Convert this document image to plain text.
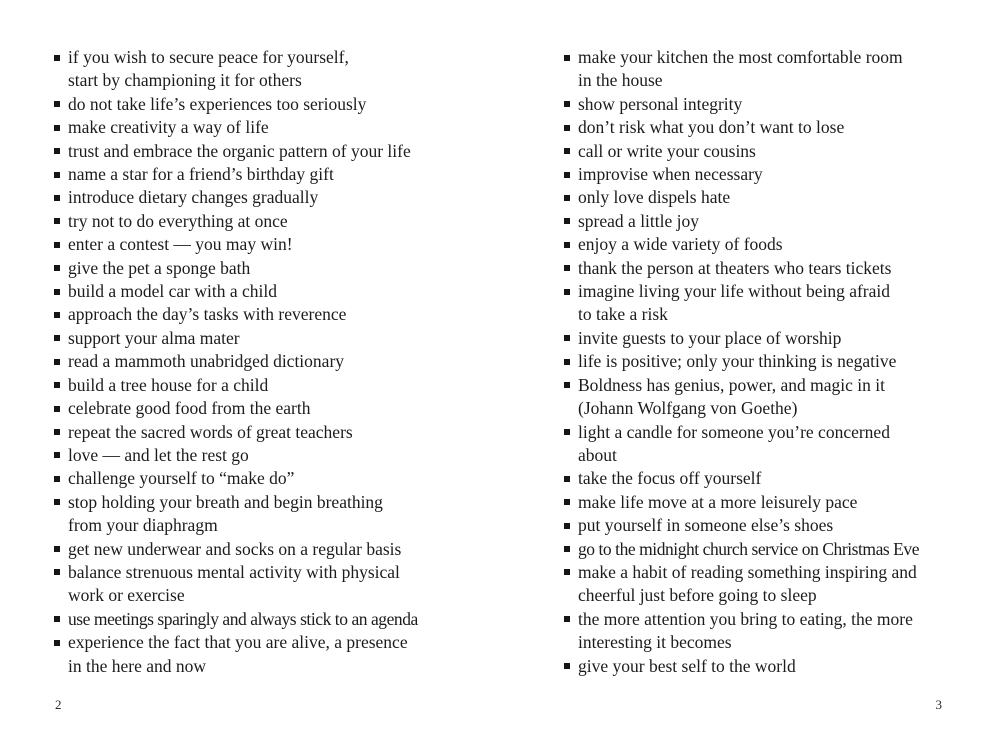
if you wish to secure peace for yourself,
start by championing it for others
do not take life’s experiences too seriously
make creativity a way of life
trust and embrace the organic pattern of your life
name a star for a friend’s birthday gift
introduce dietary changes gradually
try not to do everything at once
enter a contest — you may win!
give the pet a sponge bath
build a model car with a child
approach the day’s tasks with reverence
support your alma mater
read a mammoth unabridged dictionary
build a tree house for a child
celebrate good food from the earth
repeat the sacred words of great teachers
love — and let the rest go
challenge yourself to “make do”
stop holding your breath and begin breathing
from your diaphragm
get new underwear and socks on a regular basis
balance strenuous mental activity with physical
work or exercise
use meetings sparingly and always stick to an agenda
experience the fact that you are alive, a presence
in the here and now
2
make your kitchen the most comfortable room
in the house
show personal integrity
don’t risk what you don’t want to lose
call or write your cousins
improvise when necessary
only love dispels hate
spread a little joy
enjoy a wide variety of foods
thank the person at theaters who tears tickets
imagine living your life without being afraid
to take a risk
invite guests to your place of worship
life is positive; only your thinking is negative
Boldness has genius, power, and magic in it
(Johann Wolfgang von Goethe)
light a candle for someone you’re concerned
about
take the focus off yourself
make life move at a more leisurely pace
put yourself in someone else’s shoes
go to the midnight church service on Christmas Eve
make a habit of reading something inspiring and
cheerful just before going to sleep
the more attention you bring to eating, the more
interesting it becomes
give your best self to the world
3
